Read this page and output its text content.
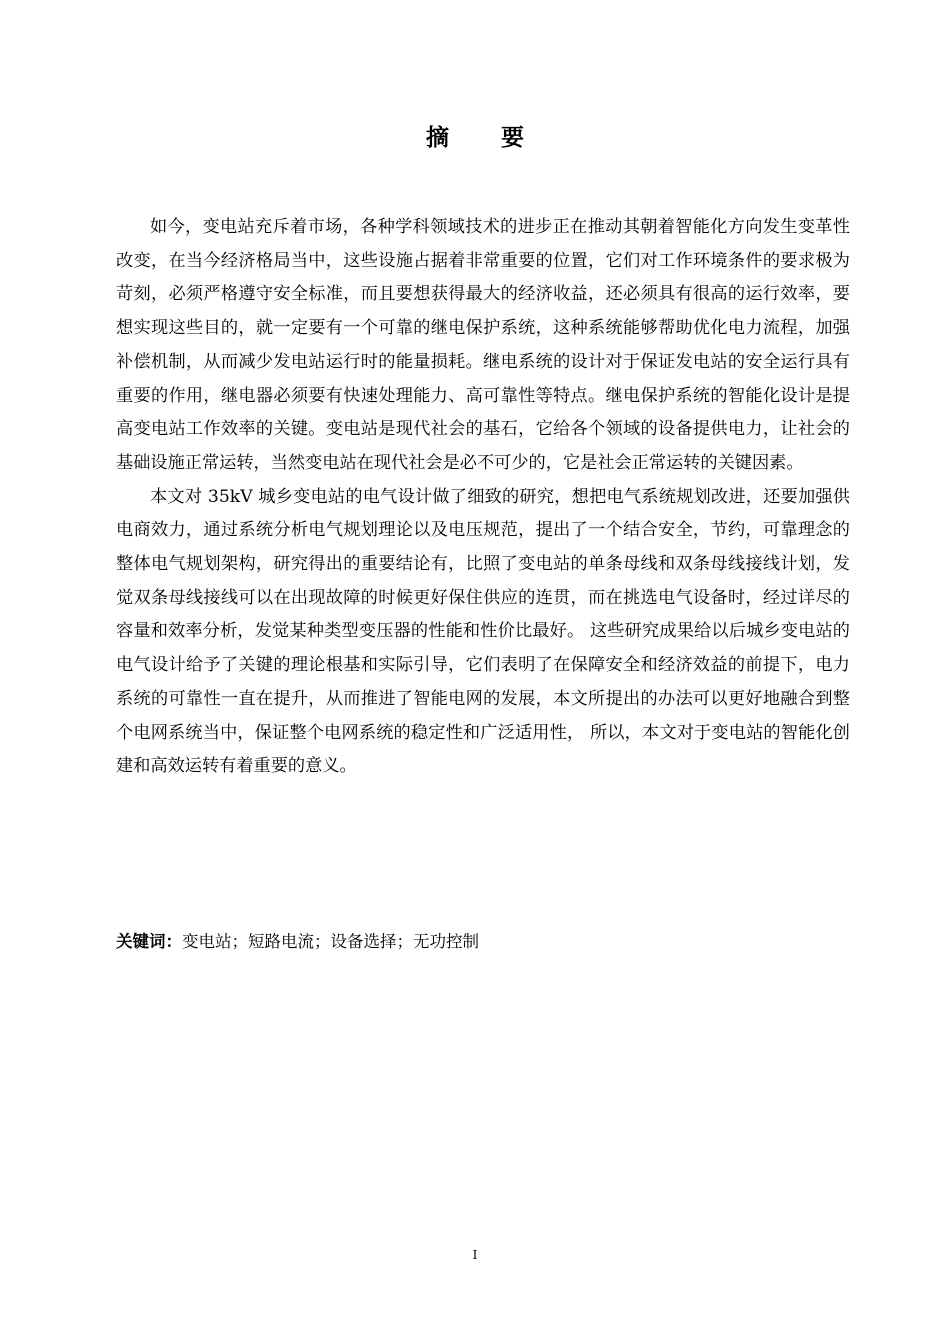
摘 要

如今，变电站充斥着市场，各种学科领域技术的进步正在推动其朝着智能化方向发生变革性改变，在当今经济格局当中，这些设施占据着非常重要的位置，它们对工作环境条件的要求极为苛刻，必须严格遵守安全标准，而且要想获得最大的经济收益，还必须具有很高的运行效率，要想实现这些目的，就一定要有一个可靠的继电保护系统，这种系统能够帮助优化电力流程，加强补偿机制，从而减少发电站运行时的能量损耗。继电系统的设计对于保证发电站的安全运行具有重要的作用，继电器必须要有快速处理能力、高可靠性等特点。继电保护系统的智能化设计是提高变电站工作效率的关键。变电站是现代社会的基石，它给各个领域的设备提供电力，让社会的基础设施正常运转，当然变电站在现代社会是必不可少的，它是社会正常运转的关键因素。

本文对 35kV 城乡变电站的电气设计做了细致的研究，想把电气系统规划改进，还要加强供电商效力，通过系统分析电气规划理论以及电压规范，提出了一个结合安全，节约，可靠理念的整体电气规划架构，研究得出的重要结论有，比照了变电站的单条母线和双条母线接线计划，发觉双条母线接线可以在出现故障的时候更好保住供应的连贯，而在挑选电气设备时，经过详尽的容量和效率分析，发觉某种类型变压器的性能和性价比最好。 这些研究成果给以后城乡变电站的电气设计给予了关键的理论根基和实际引导，它们表明了在保障安全和经济效益的前提下，电力系统的可靠性一直在提升，从而推进了智能电网的发展，本文所提出的办法可以更好地融合到整个电网系统当中，保证整个电网系统的稳定性和广泛适用性， 所以，本文对于变电站的智能化创建和高效运转有着重要的意义。

关键词：变电站；短路电流；设备选择；无功控制
I
